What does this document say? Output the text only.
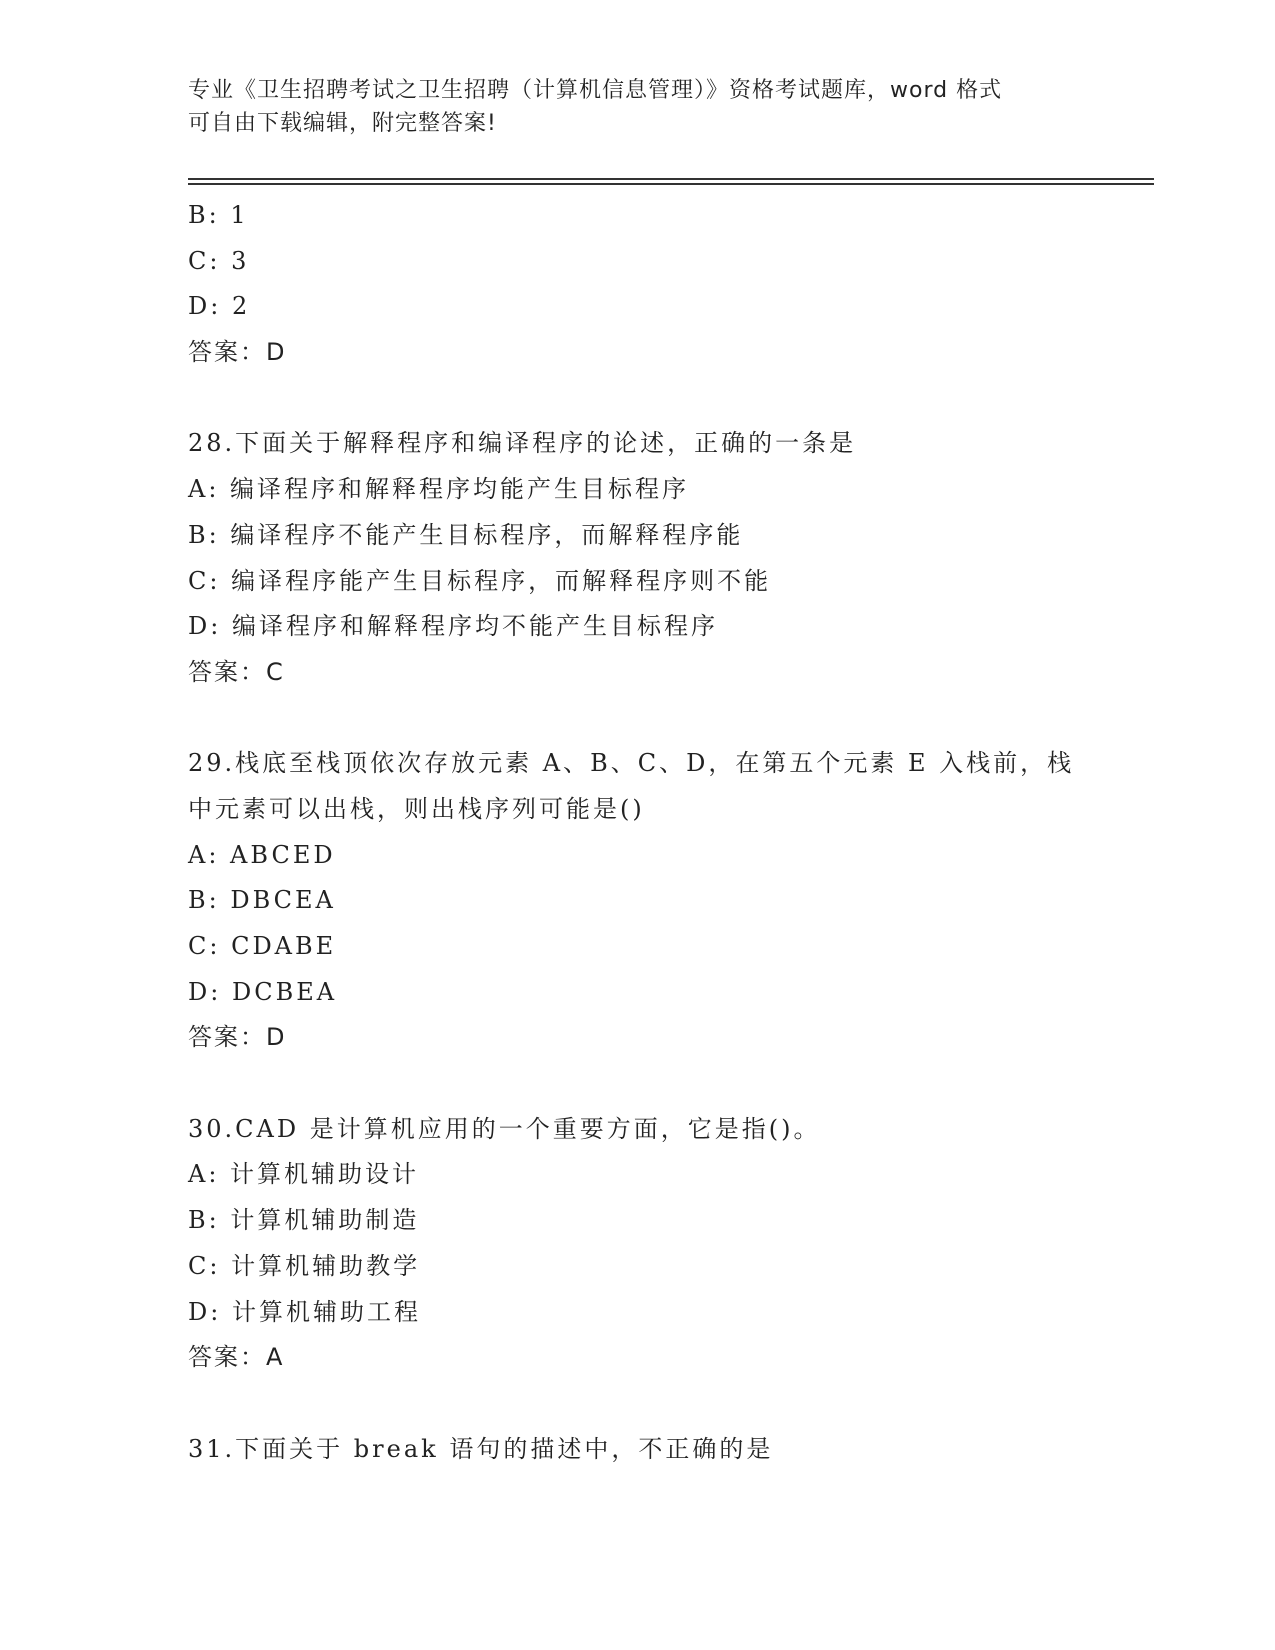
专业《卫生招聘考试之卫生招聘（计算机信息管理）》资格考试题库，word 格式
可自由下载编辑，附完整答案!
B: 1
C: 3
D: 2
答案：D
28.下面关于解释程序和编译程序的论述，正确的一条是
A: 编译程序和解释程序均能产生目标程序
B: 编译程序不能产生目标程序，而解释程序能
C: 编译程序能产生目标程序，而解释程序则不能
D: 编译程序和解释程序均不能产生目标程序
答案：C
29.栈底至栈顶依次存放元素 A、B、C、D，在第五个元素 E 入栈前，栈
中元素可以出栈，则出栈序列可能是()
A: ABCED
B: DBCEA
C: CDABE
D: DCBEA
答案：D
30.CAD 是计算机应用的一个重要方面，它是指()。
A: 计算机辅助设计
B: 计算机辅助制造
C: 计算机辅助教学
D: 计算机辅助工程
答案：A
31.下面关于 break 语句的描述中，不正确的是
